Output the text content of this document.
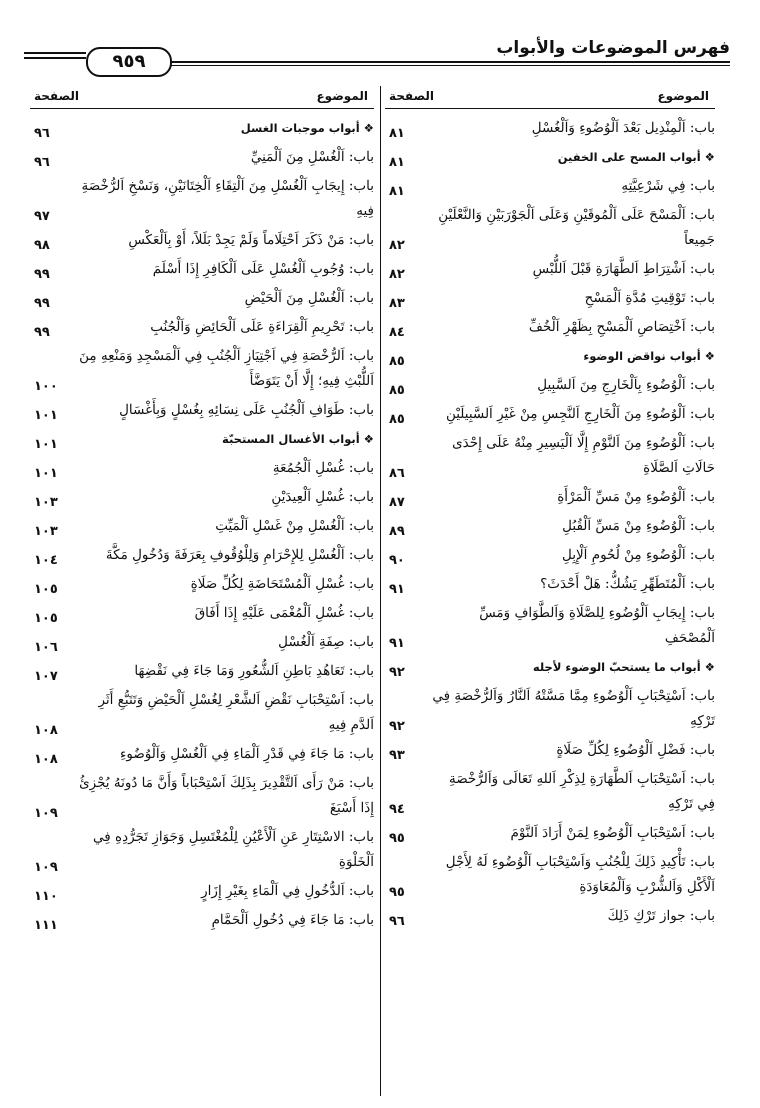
فهرس الموضوعات والأبواب
٩٥٩
الموضوع
الصفحة
الموضوع
الصفحة
باب: اَلْمِنْدِيل بَعْدَ اَلْوُضُوءِ وَاَلْغُسْلِ
٨١
❖ أبواب المسح على الخفين
٨١
باب: فِي شَرْعِيَّتِهِ
٨١
باب: اَلْمَسْحَ عَلَى اَلْمُوقَيْنِ وَعَلَى اَلْجَوْرَبَيْنِ وَالنَّعْلَيْنِ جَمِيعاً
٨٢
باب: اَشْتِرَاطِ اَلطَّهَارَةِ قَبْلَ اَللُّبْسِ
٨٢
باب: تَوْقِيتِ مُدَّةِ اَلْمَسْحِ
٨٣
باب: اَخْتِصَاصِ اَلْمَسْحِ بِظَهْرِ اَلْخُفِّ
٨٤
❖ أبواب نواقض الوضوء
٨٥
باب: اَلْوُضُوءِ بِاَلْخَارِجِ مِنَ اَلسَّبِيلِ
٨٥
باب: اَلْوُضُوءِ مِنَ اَلْخَارِجِ اَلنَّجِسِ مِنْ غَيْرِ اَلسَّبِيلَيْنِ
٨٥
باب: اَلْوُضُوءِ مِنَ اَلنَّوْمِ إِلَّا اَلْيَسِيرِ مِنْهُ عَلَى إِحْدَى حَالَاتِ اَلصَّلَاةِ
٨٦
باب: اَلْوُضُوءِ مِنْ مَسِّ اَلْمَرْأَةِ
٨٧
باب: اَلْوُضُوءِ مِنْ مَسِّ اَلْقُبُلِ
٨٩
باب: اَلْوُضُوءِ مِنْ لُحُومِ اَلْإِبِلِ
٩٠
باب: اَلْمُتَطَهِّرِ يَشُكُّ: هَلْ أَحْدَثَ؟
٩١
باب: إِيجَابِ اَلْوُضُوءِ لِلصَّلَاةِ وَاَلطَّوَافِ وَمَسِّ اَلْمُصْحَفِ
٩١
❖ أبواب ما يستحبّ الوضوء لأجله
٩٢
باب: اَسْتِحْبَابِ اَلْوُضُوءِ مِمَّا مَسَّتْهُ اَلنَّارُ وَاَلرُّخْصَةِ فِي تَرْكِهِ
٩٢
باب: فَضْلِ اَلْوُضُوءِ لِكُلِّ صَلَاةٍ
٩٣
باب: اَسْتِحْبَابِ اَلطَّهَارَةِ لِذِكْرِ اَللهِ تَعَالَى وَاَلرُّخْصَةِ فِي تَرْكِهِ
٩٤
باب: اَسْتِحْبَابِ اَلْوُضُوءِ لِمَنْ أَرَادَ اَلنَّوْمَ
٩٥
باب: تَأْكِيدِ ذَلِكَ لِلْجُنُبِ وَاَسْتِحْبَابِ اَلْوُضُوءِ لَهُ لِأَجْلِ اَلْأَكْلِ وَاَلشُّرْبِ وَاَلْمُعَاوَدَةِ
٩٥
باب: جواز تَرْكِ ذَلِكَ
٩٦
❖ أبواب موجبات الغسل
٩٦
باب: اَلْغُسْلِ مِنَ اَلْمَنِيِّ
٩٦
باب: إِيجَابِ اَلْغُسْلِ مِنَ اَلْتِقَاءِ اَلْخِتَانَيْنِ، وَنَسْخِ اَلرُّخْصَةِ فِيهِ
٩٧
باب: مَنْ ذَكَرَ اَحْتِلَاماً وَلَمْ يَجِدْ بَلَلاً، أَوْ بِاَلْعَكْسِ
٩٨
باب: وُجُوبِ اَلْغُسْلِ عَلَى اَلْكَافِرِ إِذَا أَسْلَمَ
٩٩
باب: اَلْغُسْلِ مِنَ اَلْحَيْضِ
٩٩
باب: تَحْرِيمِ اَلْقِرَاءَةِ عَلَى اَلْحَائِضِ وَاَلْجُنُبِ
٩٩
باب: اَلرُّخْصَةِ فِي اَجْتِيَازِ اَلْجُنُبِ فِي اَلْمَسْجِدِ وَمَنْعِهِ مِنَ اَللُّبْثِ فِيهِ؛ إِلَّا أَنْ يَتَوَضَّأَ
١٠٠
باب: طَوَافِ اَلْجُنُبِ عَلَى نِسَائِهِ بِغُسْلٍ وَبِأَغْسَالٍ
١٠١
❖ أبواب الأغسال المستحبّة
١٠١
باب: غُسْلِ اَلْجُمُعَةِ
١٠١
باب: غُسْلِ اَلْعِيدَيْنِ
١٠٣
باب: اَلْغُسْلِ مِنْ غَسْلِ اَلْمَيِّتِ
١٠٣
باب: اَلْغُسْلِ لِلإِحْرَامِ وَلِلْوُقُوفِ بِعَرَفَةَ وَدُخُولِ مَكَّةَ
١٠٤
باب: غُسْلِ اَلْمُسْتَحَاضَةِ لِكُلِّ صَلَاةٍ
١٠٥
باب: غُسْلِ اَلْمُغْمَى عَلَيْهِ إِذَا أَفَاقَ
١٠٥
باب: صِفَةِ اَلْغُسْلِ
١٠٦
باب: تَعَاهُدِ بَاطِنِ اَلشُّعُورِ وَمَا جَاءَ فِي نَقْضِهَا
١٠٧
باب: اَسْتِحْبَابِ نَقْضِ اَلشَّعْرِ لِغُسْلِ اَلْحَيْضِ وَتَتَبُّعِ أَثَرِ اَلدَّمِ فِيهِ
١٠٨
باب: مَا جَاءَ فِي قَدْرِ اَلْمَاءِ فِي اَلْغُسْلِ وَاَلْوُضُوءِ
١٠٨
باب: مَنْ رَأَى اَلتَّقْدِيرَ بِذَلِكَ اَسْتِحْبَاباً وَأَنَّ مَا دُونَهُ يُجْزِئُ إِذَا أَسْبَغَ
١٠٩
باب: الاسْتِتَارِ عَنِ اَلْأَعْيُنِ لِلْمُغْتَسِلِ وَجَوَازِ تَجَرُّدِهِ فِي اَلْخَلْوَةِ
١٠٩
باب: اَلدُّخُولِ فِي اَلْمَاءِ بِغَيْرِ إِزَارٍ
١١٠
باب: مَا جَاءَ فِي دُخُولِ اَلْحَمَّامِ
١١١
